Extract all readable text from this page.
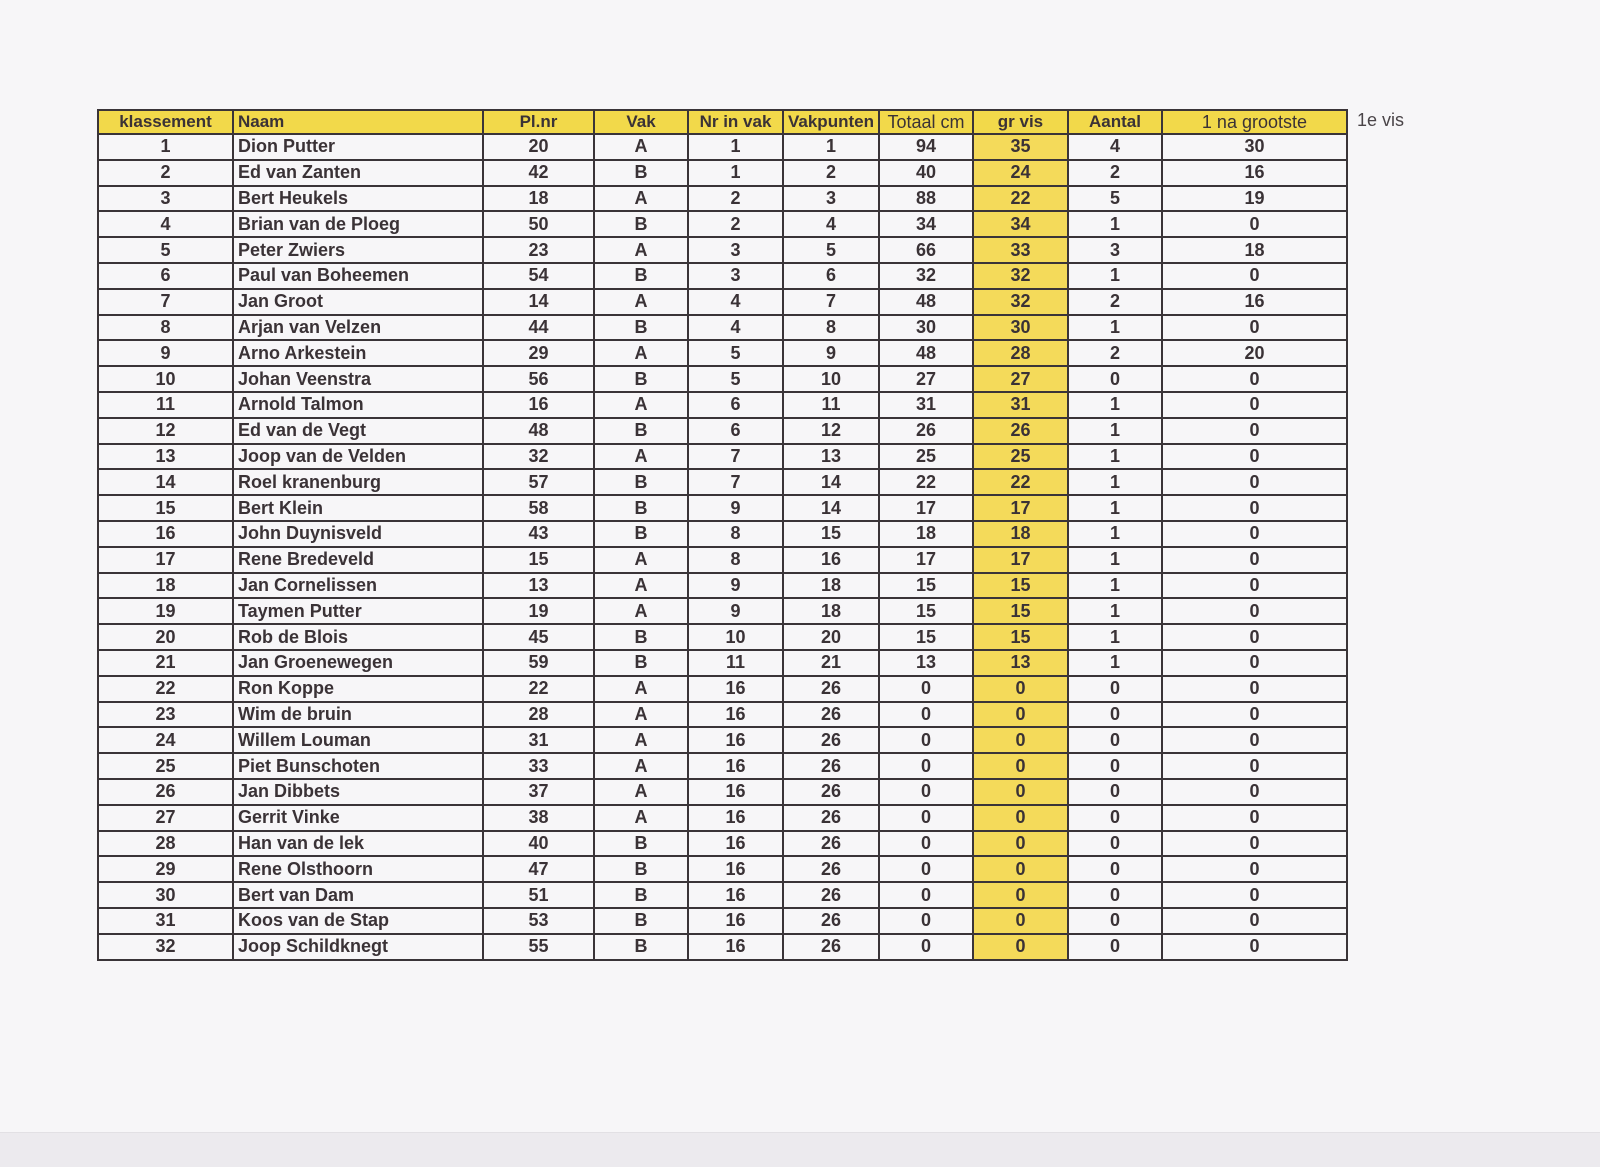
klassement	Naam	Pl.nr	Vak	Nr in vak	Vakpunten	Totaal cm	gr vis	Aantal	1 na grootste
1	Dion Putter	20	A	1	1	94	35	4	30
2	Ed van Zanten	42	B	1	2	40	24	2	16
3	Bert Heukels	18	A	2	3	88	22	5	19
4	Brian van de Ploeg	50	B	2	4	34	34	1	0
5	Peter Zwiers	23	A	3	5	66	33	3	18
6	Paul van Boheemen	54	B	3	6	32	32	1	0
7	Jan Groot	14	A	4	7	48	32	2	16
8	Arjan van Velzen	44	B	4	8	30	30	1	0
9	Arno Arkestein	29	A	5	9	48	28	2	20
10	Johan Veenstra	56	B	5	10	27	27	0	0
11	Arnold Talmon	16	A	6	11	31	31	1	0
12	Ed van de Vegt	48	B	6	12	26	26	1	0
13	Joop van de Velden	32	A	7	13	25	25	1	0
14	Roel kranenburg	57	B	7	14	22	22	1	0
15	Bert Klein	58	B	9	14	17	17	1	0
16	John Duynisveld	43	B	8	15	18	18	1	0
17	Rene Bredeveld	15	A	8	16	17	17	1	0
18	Jan Cornelissen	13	A	9	18	15	15	1	0
19	Taymen Putter	19	A	9	18	15	15	1	0
20	Rob de Blois	45	B	10	20	15	15	1	0
21	Jan Groenewegen	59	B	11	21	13	13	1	0
22	Ron Koppe	22	A	16	26	0	0	0	0
23	Wim de bruin	28	A	16	26	0	0	0	0
24	Willem Louman	31	A	16	26	0	0	0	0
25	Piet Bunschoten	33	A	16	26	0	0	0	0
26	Jan Dibbets	37	A	16	26	0	0	0	0
27	Gerrit Vinke	38	A	16	26	0	0	0	0
28	Han van de lek	40	B	16	26	0	0	0	0
29	Rene Olsthoorn	47	B	16	26	0	0	0	0
30	Bert van Dam	51	B	16	26	0	0	0	0
31	Koos van de Stap	53	B	16	26	0	0	0	0
32	Joop Schildknegt	55	B	16	26	0	0	0	0
1e vis
